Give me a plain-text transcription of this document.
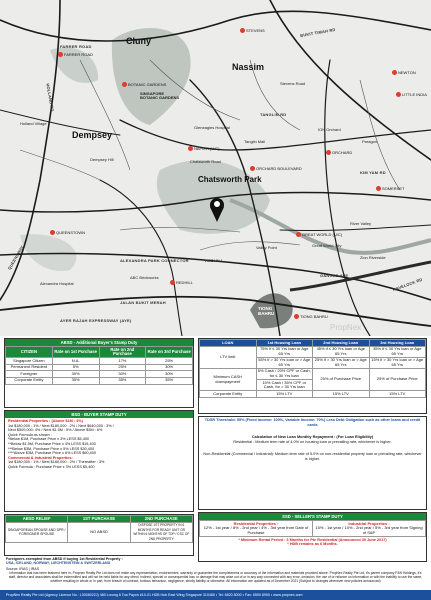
Cluny
Nassim
Dempsey
Chatsworth Park
TIONG BAHRU
FARRER ROAD
HOLLAND RD
BUKIT TIMAH RD
QUEENSWAY	ALEXANDRA PARK CONNECTOR
JALAN BUKIT MERAH
AYER RAJAH EXPRESSWAY (AYE)
GANGES AVE
HAVELOCK RD
TANGLIN RD
KIM YAM RD
REDHILL
FARRER ROAD
STEVENS
BOTANIC GARDENS
NAPIER (U/C)
ORCHARD
ORCHARD BOULEVARD
GREAT WORLD (U/C)
SOMERSET
QUEENSTOWN
REDHILL
TIONG BAHRU
NEWTON
LITTLE INDIA
SINGAPORE BOTANIC GARDENS
Holland Village
Dempsey Hill
Tanglin Mall
ION Orchard
Paragon
Stevens Road
River Valley
Gleneagles Hospital
Chatsworth Road
Valley Point	Great World City
Zion Riverside
Alexandra Hospital
ABC Brickworks
PropNex
ABSD - Additional Buyer's Stamp Duty
CITIZEN	Rate on 1st Purchase	Rate on 2nd Purchase	Rate on 3rd Purchase
Singapore Citizen	N.A.	17%	25%
Permanent Resident	5%	25%	30%
Foreigner	30%	30%	30%
Corporate Entity	35%	35%	35%
BSD - BUYER STAMP DUTY
Residential Properties : (Above $1M : 4%)
1st $180,000 : 1% / Next $180,000 : 2% / Next $640,000 : 3% /
Next $500,000: 4% / Next $1.5M : 5% / Above $3M : 6%
Quick Formula as shown :
*Below $1M, Purchase Price x 3% LESS $5,400
**Below $1.5M, Purchase Price x 4% LESS $15,400
***Below $3M, Purchase Price x 5% LESS $30,400
****Above $3M, Purchase Price x 6% LESS $60,400
Commercial & Industrial Properties:
1st $180,000 : 1% / Next $180,000 : 2% / Thereafter : 3%
Quick Formula : Purchase Price x 3% LESS $5,400
ABSD RELIEF	1ST PURCHASE	2ND PURCHASE
SINGAPOREAN SPOUSE AND SPR / FOREIGNER SPOUSE	NO ABSD	DISPOSE 1ST PROPERTY IN 6 MONTHS FOR READY UNIT OR WITHIN 6 MONTHS OF TOP / CSC OF 2ND PROPERTY
Foreigners exempted from ABSD if buying 1st Residential Property :
USA, ICELAND, NORWAY, LIECHTENSTEIN & SWITZERLAND
LOAN	1st Housing Loan	2nd Housing Loan	3rd Housing Loan
LTV limit	75% if ≤ 30 Yrs loan or Age 65 Yrs	45% if ≤ 30 Yrs loan or Age 65 Yrs	35% if ≤ 30 Yrs loan or Age 65 Yrs
	55% if > 30 Yrs loan or > Age 65 Yrs	25% if > 30 Yrs loan or > Age 65 Yrs	15% if > 30 Yrs loan or > Age 65 Yrs
Minimum CASH downpayment	5% Cash / 20% CPF or Cash, for ≤ 30 Yrs loan	25% of Purchase Price	25% of Purchase Price
	10% Cash / 35% CPF or Cash, for > 30 Yrs loan		
Corporate Entity	15% LTV	15% LTV	15% LTV
TDSR Threshold: 55% (Fixed Income: 100%, Variable Income: 70%) Less Debt Obligation such as other loans and credit cards
Calculation of New Loan Monthly Repayment : (For Loan Eligibility)
Residential : Medium term rate of 4.0% on housing loan or prevailing rate, whichever is higher.
Non-Residential (Commercial / Industrial): Medium term rate of 5.0% on non-residential property loan or prevailing rate, whichever is higher.
SSD - SELLER'S STAMP DUTY
Residential Properties :
12% - 1st year / 8% - 2nd year / 4% - 3rd year from Date of Purchase

Industrial Properties :
15% - 1st year / 10% - 2nd year / 5% - 3rd year from Signing of S&P
* Minimum Rental Period : 3 Months for Pte Residential (Announced 30 June 2017)
* HDB remains as 6 Months.
Source: IRAS | IRAS
Information that has been featured here in, Propnex Realty Pte Ltd does not make any representation, endorsement, warranty or guarantee the completeness or accuracy of the information and materials provided above. PropNex Realty Pte Ltd, it's parent company P&N Holdings, it's staff, director and associates shall be indemnified and will not be held liable for any direct, indirect, special or consequential loss or damage that may arise out of or in any way connected with any error, omission, the use of or reliance on information or with the inability to use the same, whether resulting in whole or in part, from breach of contract, tortious behaviour, negligence, strictly liability or otherwise. All information are updated as of December 2021 (Subject to changes whenever new policies announced)
PropNex Realty Pte Ltd (Agency Licence No.: L3008022J) 480 Lorong 6 Toa Payoh #10-01 HDB Hub East Wing Singapore 310480 • Tel: 6820 8000 • Fax: 6590 8900 • www.propnex.com
